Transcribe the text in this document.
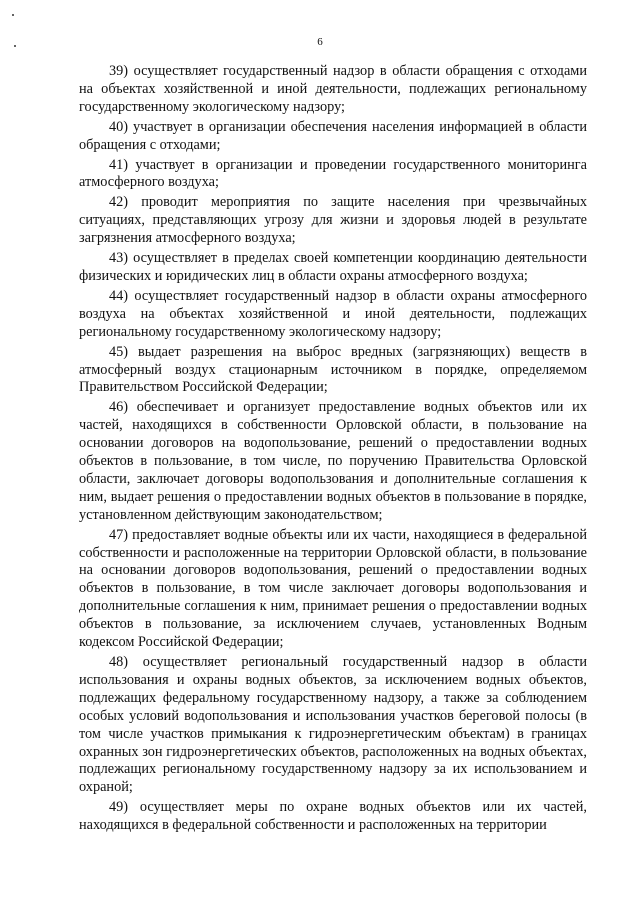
6

39) осуществляет государственный надзор в области обращения с отходами на объектах хозяйственной и иной деятельности, подлежащих региональному государственному экологическому надзору;

40) участвует в организации обеспечения населения информацией в области обращения с отходами;

41) участвует в организации и проведении государственного мониторинга атмосферного воздуха;

42) проводит мероприятия по защите населения при чрезвычайных ситуациях, представляющих угрозу для жизни и здоровья людей в результате загрязнения атмосферного воздуха;

43) осуществляет в пределах своей компетенции координацию деятельности физических и юридических лиц в области охраны атмосферного воздуха;

44) осуществляет государственный надзор в области охраны атмосферного воздуха на объектах хозяйственной и иной деятельности, подлежащих региональному государственному экологическому надзору;

45) выдает разрешения на выброс вредных (загрязняющих) веществ в атмосферный воздух стационарным источником в порядке, определяемом Правительством Российской Федерации;

46) обеспечивает и организует предоставление водных объектов или их частей, находящихся в собственности Орловской области, в пользование на основании договоров на водопользование, решений о предоставлении водных объектов в пользование, в том числе, по поручению Правительства Орловской области, заключает договоры водопользования и дополнительные соглашения к ним, выдает решения о предоставлении водных объектов в пользование в порядке, установленном действующим законодательством;

47) предоставляет водные объекты или их части, находящиеся в федеральной собственности и расположенные на территории Орловской области, в пользование на основании договоров водопользования, решений о предоставлении водных объектов в пользование, в том числе заключает договоры водопользования и дополнительные соглашения к ним, принимает решения о предоставлении водных объектов в пользование, за исключением случаев, установленных Водным кодексом Российской Федерации;

48) осуществляет региональный государственный надзор в области использования и охраны водных объектов, за исключением водных объектов, подлежащих федеральному государственному надзору, а также за соблюдением особых условий водопользования и использования участков береговой полосы (в том числе участков примыкания к гидроэнергетическим объектам) в границах охранных зон гидроэнергетических объектов, расположенных на водных объектах, подлежащих региональному государственному надзору за их использованием и охраной;

49) осуществляет меры по охране водных объектов или их частей, находящихся в федеральной собственности и расположенных на территории
